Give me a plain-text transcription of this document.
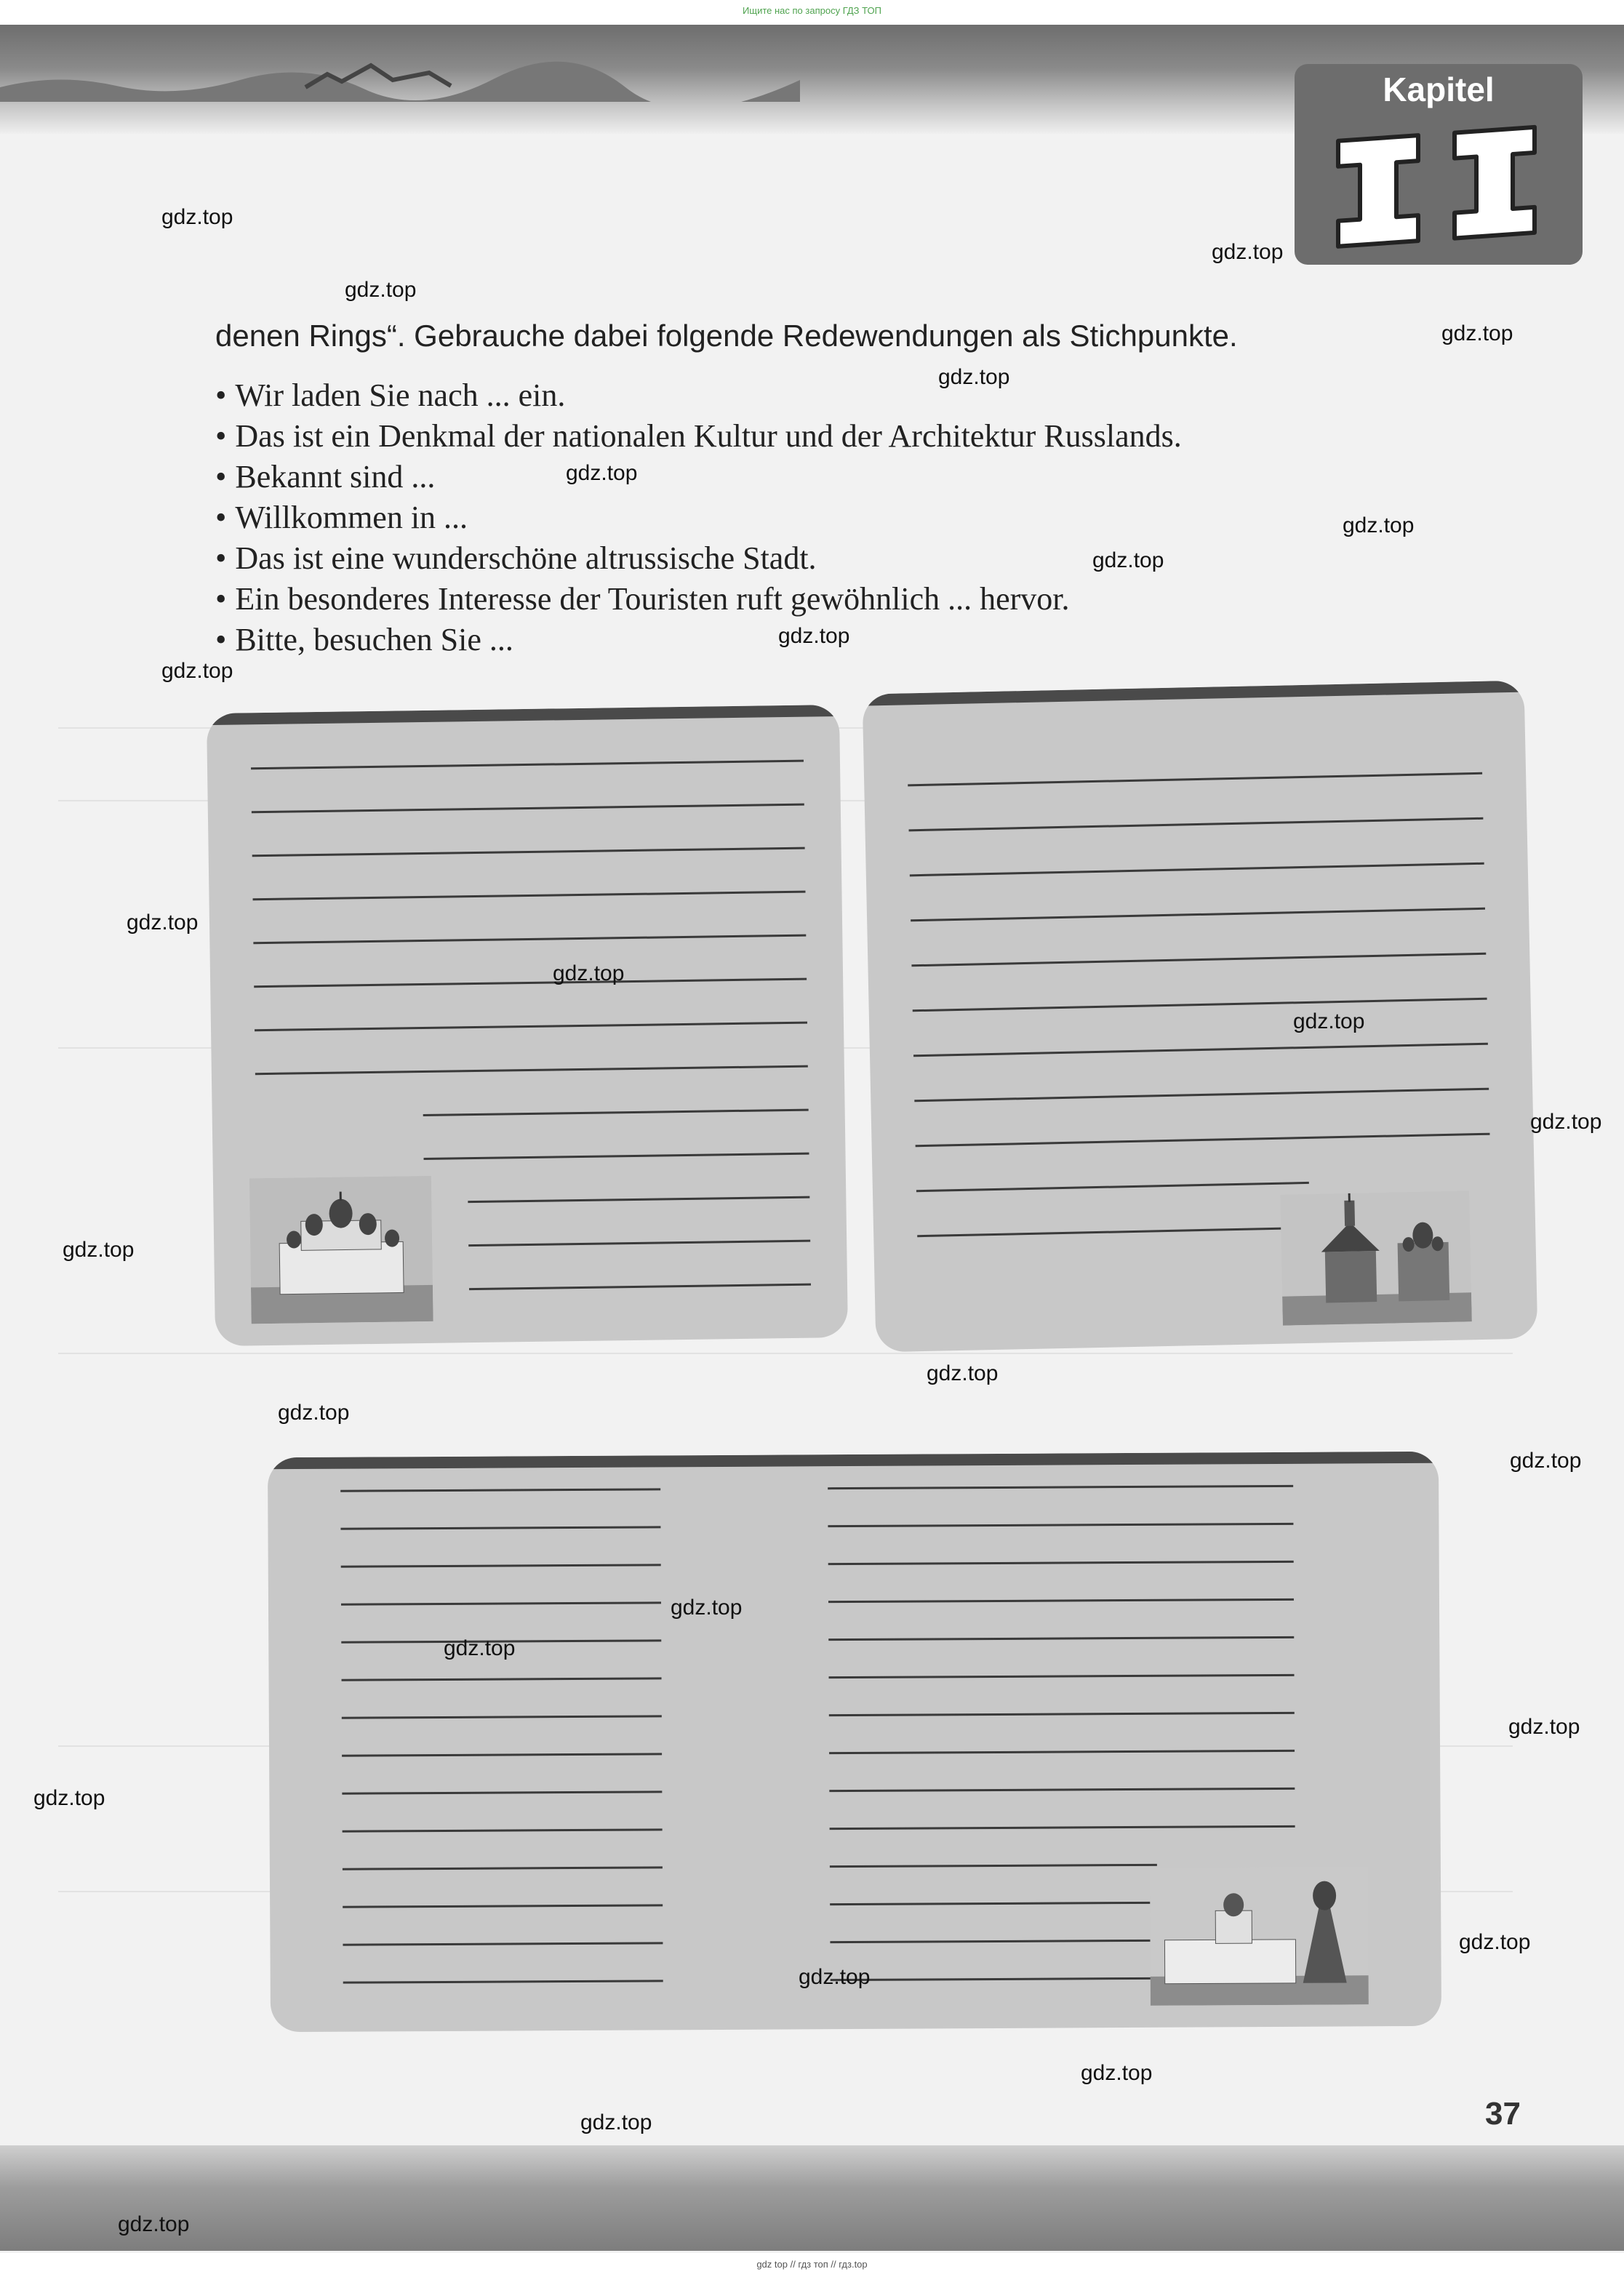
Ищите нас по запросу ГДЗ ТОП
Kapitel
denen Rings“. Gebrauche dabei folgende Redewendungen als Stichpunkte.
• Wir laden Sie nach ... ein.
• Das ist ein Denkmal der nationalen Kultur und der Architektur Russlands.
• Bekannt sind ...
• Willkommen in ...
• Das ist eine wunderschöne altrussische Stadt.
• Ein besonderes Interesse der Touristen ruft gewöhnlich ... hervor.
• Bitte, besuchen Sie ...
37
gdz top // гдз топ // гдз.top
gdz.top
gdz.top
gdz.top
gdz.top
gdz.top
gdz.top
gdz.top
gdz.top
gdz.top
gdz.top
gdz.top
gdz.top
gdz.top
gdz.top
gdz.top
gdz.top
gdz.top
gdz.top
gdz.top
gdz.top
gdz.top
gdz.top
gdz.top
gdz.top
gdz.top
gdz.top
gdz.top
